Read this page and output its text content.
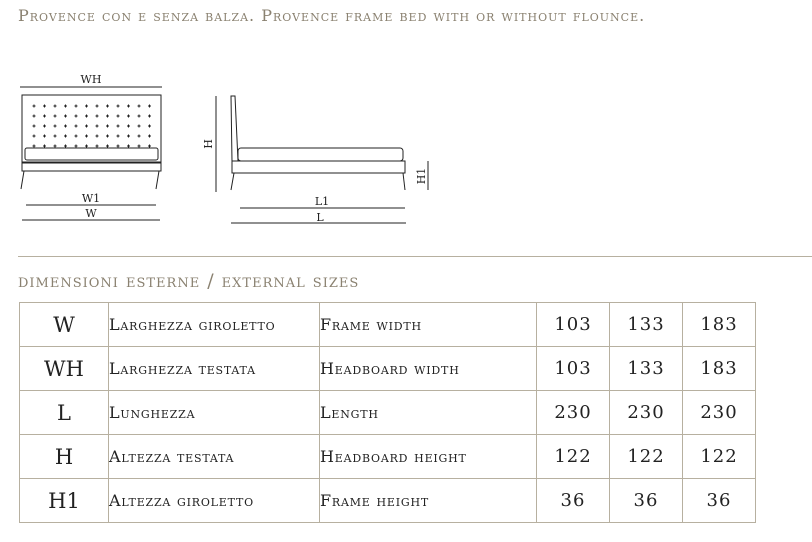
Provence con e senza balza. Provence frame bed with or without flounce.
WH
W1
W
H
H1
L1
L
dimensioni esterne / external sizes
W	Larghezza giroletto	Frame width	103	133	183
WH	Larghezza testata	Headboard width	103	133	183
L	Lunghezza	Length	230	230	230
H	Altezza testata	Headboard height	122	122	122
H1	Altezza giroletto	Frame height	36	36	36
